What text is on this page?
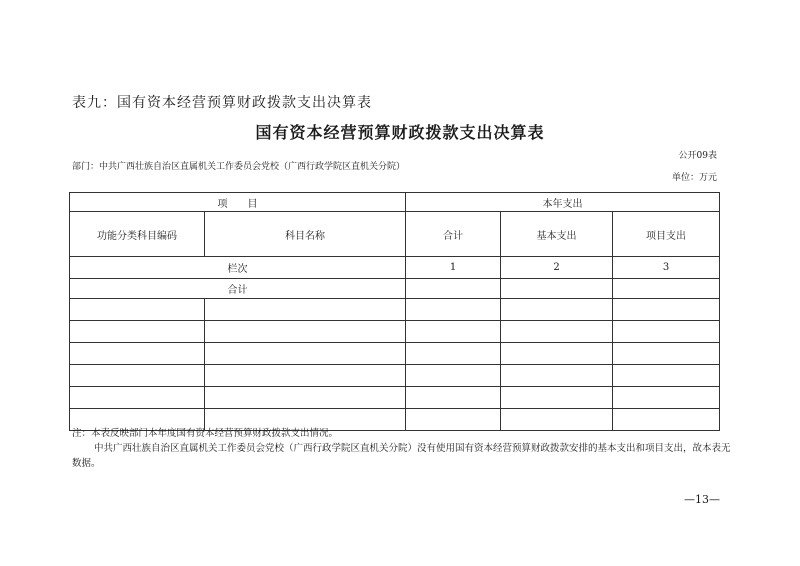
表九：国有资本经营预算财政拨款支出决算表
国有资本经营预算财政拨款支出决算表
公开09表
部门：中共广西壮族自治区直属机关工作委员会党校（广西行政学院区直机关分院）
单位：万元
项　　目		本年支出		
功能分类科目编码	科目名称	合计	基本支出	项目支出
栏次		1	2	3
合计				

注：本表反映部门本年度国有资本经营预算财政拨款支出情况。

中共广西壮族自治区直属机关工作委员会党校（广西行政学院区直机关分院）没有使用国有资本经营预算财政拨款安排的基本支出和项目支出，故本表无数据。

—13—
